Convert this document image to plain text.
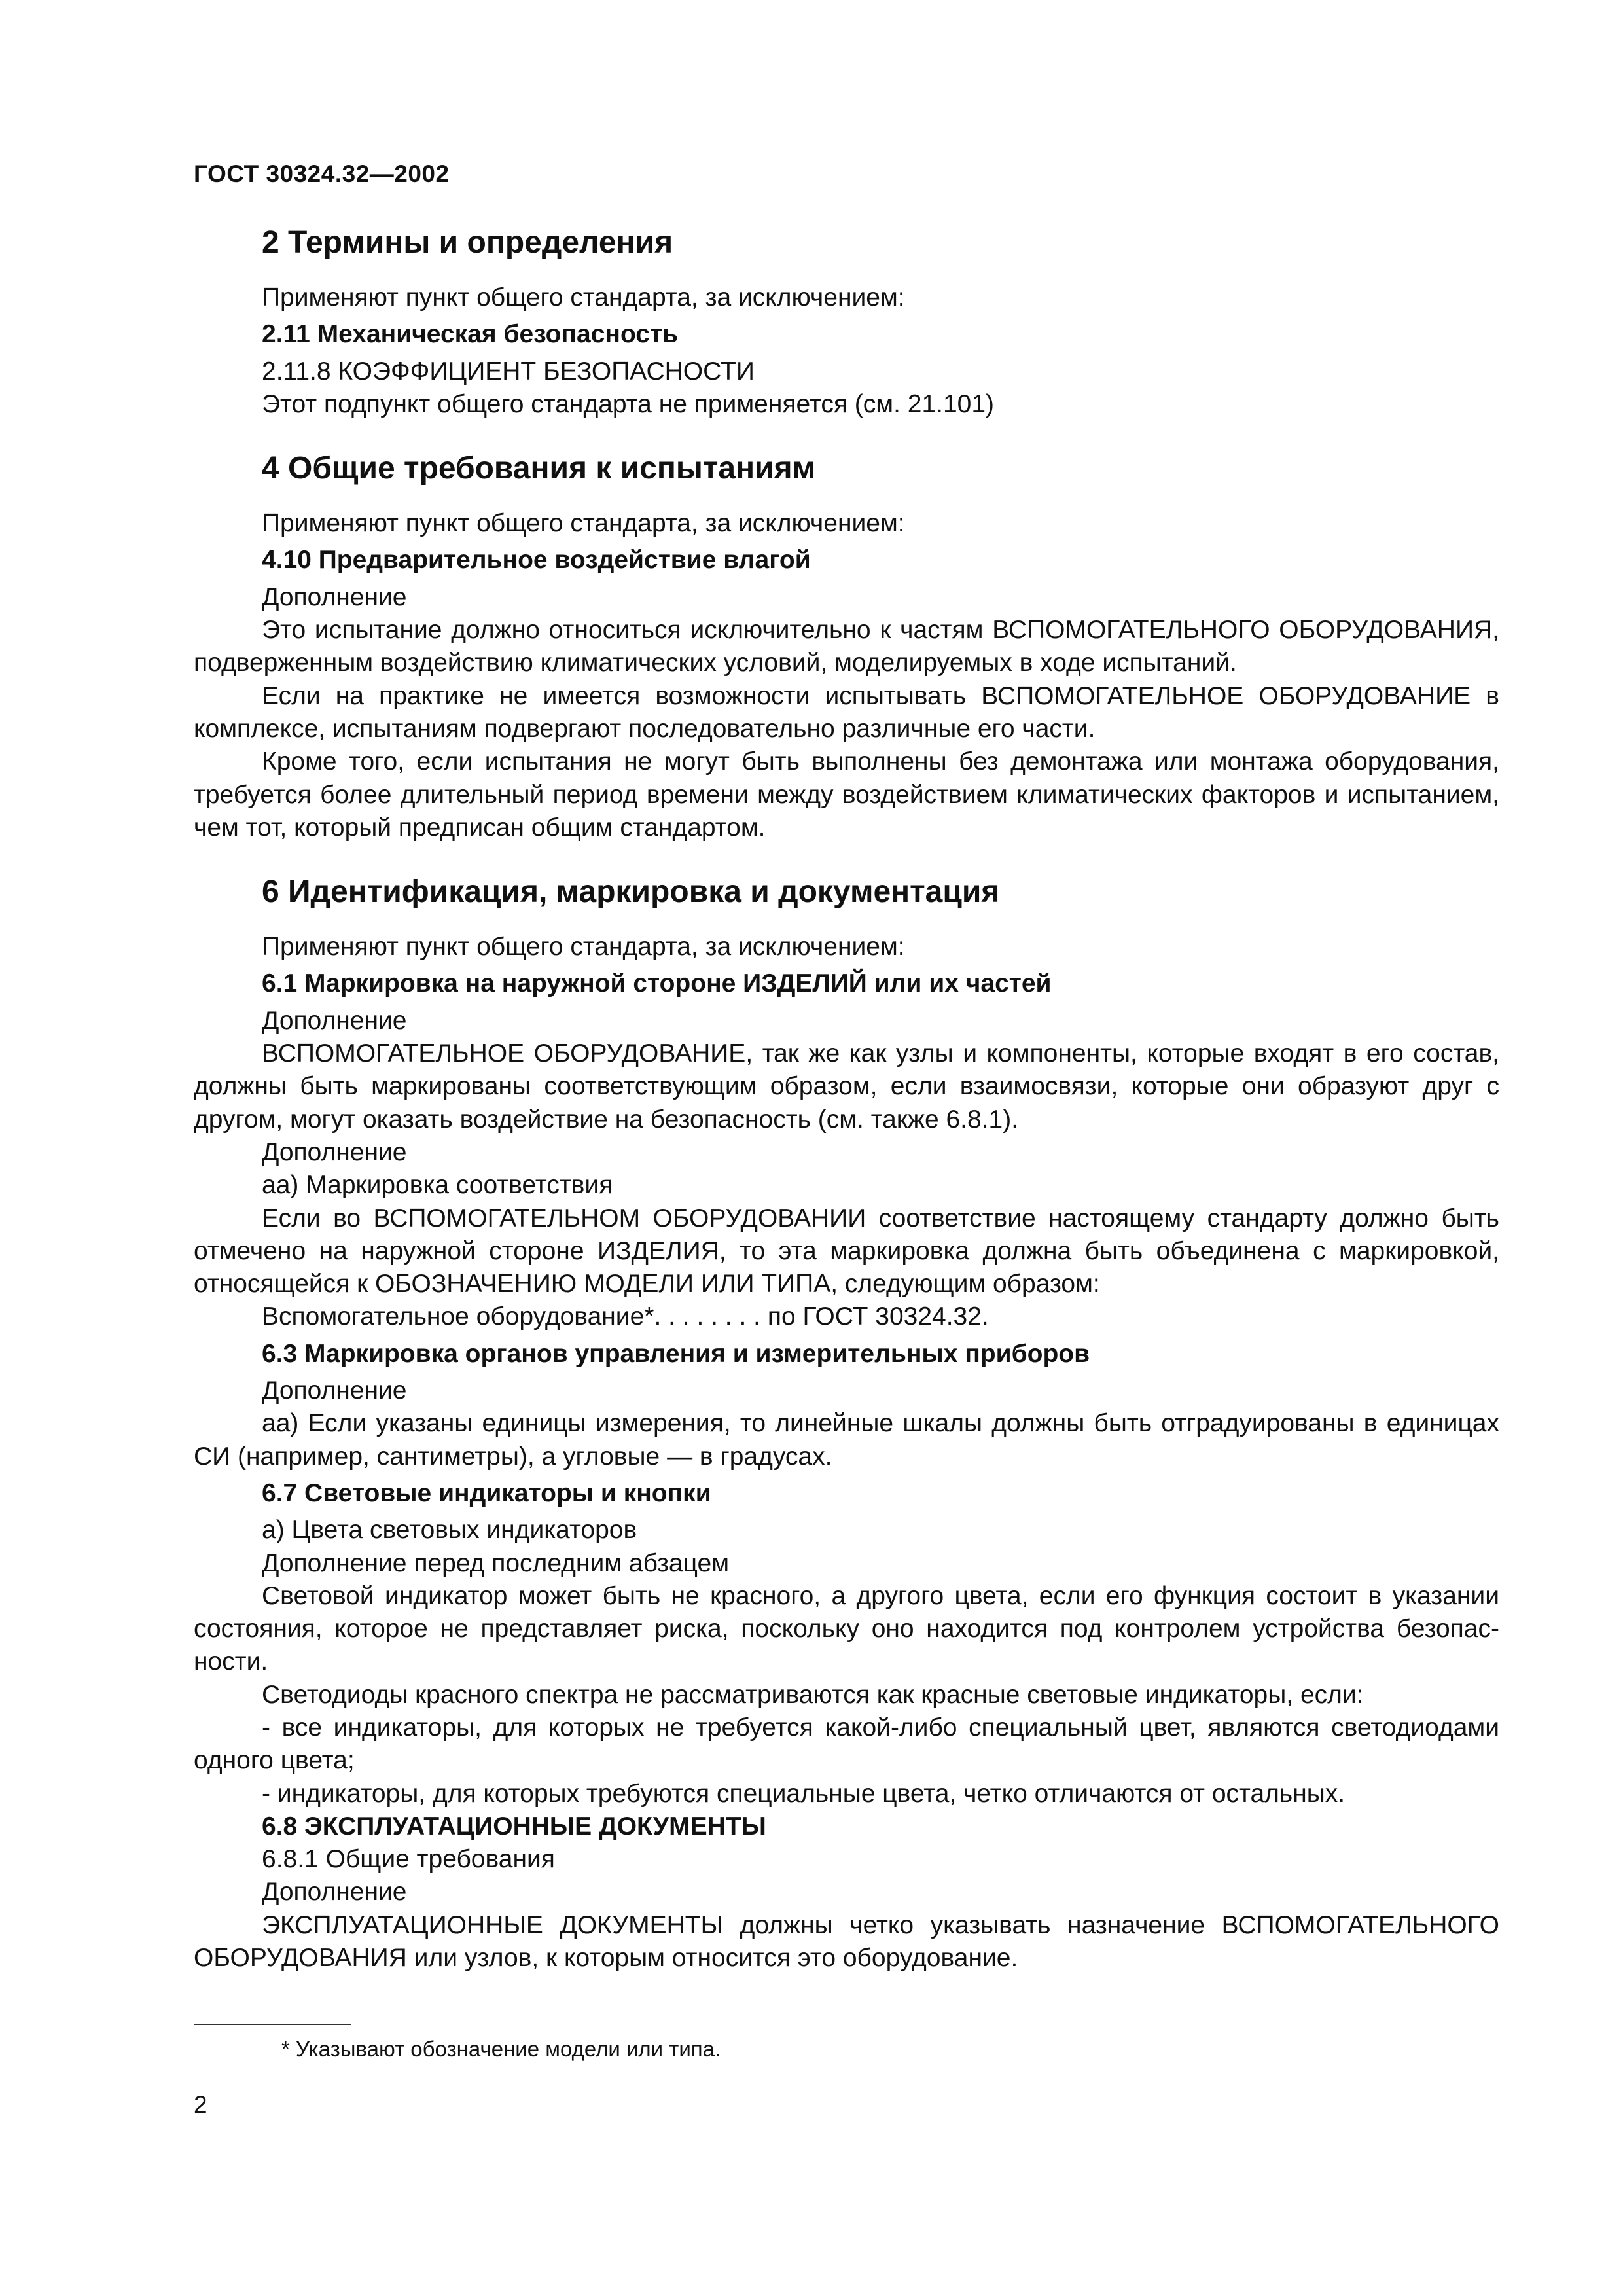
ГОСТ 30324.32—2002
2 Термины и определения

Применяют пункт общего стандарта, за исключением:

2.11 Механическая безопасность

2.11.8 КОЭФФИЦИЕНТ БЕЗОПАСНОСТИ

Этот подпункт общего стандарта не применяется (см. 21.101)

4 Общие требования к испытаниям

Применяют пункт общего стандарта, за исключением:

4.10 Предварительное воздействие влагой

Дополнение

Это испытание должно относиться исключительно к частям ВСПОМОГАТЕЛЬНОГО ОБОРУДОВАНИЯ, подверженным воздействию климатических условий, моделируемых в ходе испытаний.

Если на практике не имеется возможности испытывать ВСПОМОГАТЕЛЬНОЕ ОБОРУДОВАНИЕ в комплексе, испытаниям подвергают последовательно различные его части.

Кроме того, если испытания не могут быть выполнены без демонтажа или монтажа оборудования, требуется более длительный период времени между воздействием климатических факторов и испытанием, чем тот, который предписан общим стандартом.

6 Идентификация, маркировка и документация

Применяют пункт общего стандарта, за исключением:

6.1 Маркировка на наружной стороне ИЗДЕЛИЙ или их частей

Дополнение

ВСПОМОГАТЕЛЬНОЕ ОБОРУДОВАНИЕ, так же как узлы и компоненты, которые входят в его состав, должны быть маркированы соответствующим образом, если взаимосвязи, которые они образуют друг с другом, могут оказать воздействие на безопасность (см. также 6.8.1).

Дополнение

аа) Маркировка соответствия

Если во ВСПОМОГАТЕЛЬНОМ ОБОРУДОВАНИИ соответствие настоящему стандарту должно быть отмечено на наружной стороне ИЗДЕЛИЯ, то эта маркировка должна быть объединена с маркировкой, относящейся к ОБОЗНАЧЕНИЮ МОДЕЛИ ИЛИ ТИПА, следующим образом:

Вспомогательное оборудование*. . . . . . . . по ГОСТ 30324.32.

6.3 Маркировка органов управления и измерительных приборов

Дополнение

аа) Если указаны единицы измерения, то линейные шкалы должны быть отградуированы в единицах СИ (например, сантиметры), а угловые — в градусах.

6.7 Световые индикаторы и кнопки

а) Цвета световых индикаторов

Дополнение перед последним абзацем

Световой индикатор может быть не красного, а другого цвета, если его функция состоит в указании состояния, которое не представляет риска, поскольку оно находится под контролем устройства безопасности.

Светодиоды красного спектра не рассматриваются как красные световые индикаторы, если:

- все индикаторы, для которых не требуется какой-либо специальный цвет, являются светодиодами одного цвета;

- индикаторы, для которых требуются специальные цвета, четко отличаются от остальных.

6.8 ЭКСПЛУАТАЦИОННЫЕ ДОКУМЕНТЫ

6.8.1 Общие требования

Дополнение

ЭКСПЛУАТАЦИОННЫЕ ДОКУМЕНТЫ должны четко указывать назначение ВСПОМОГАТЕЛЬНОГО ОБОРУДОВАНИЯ или узлов, к которым относится это оборудование.

* Указывают обозначение модели или типа.
2
